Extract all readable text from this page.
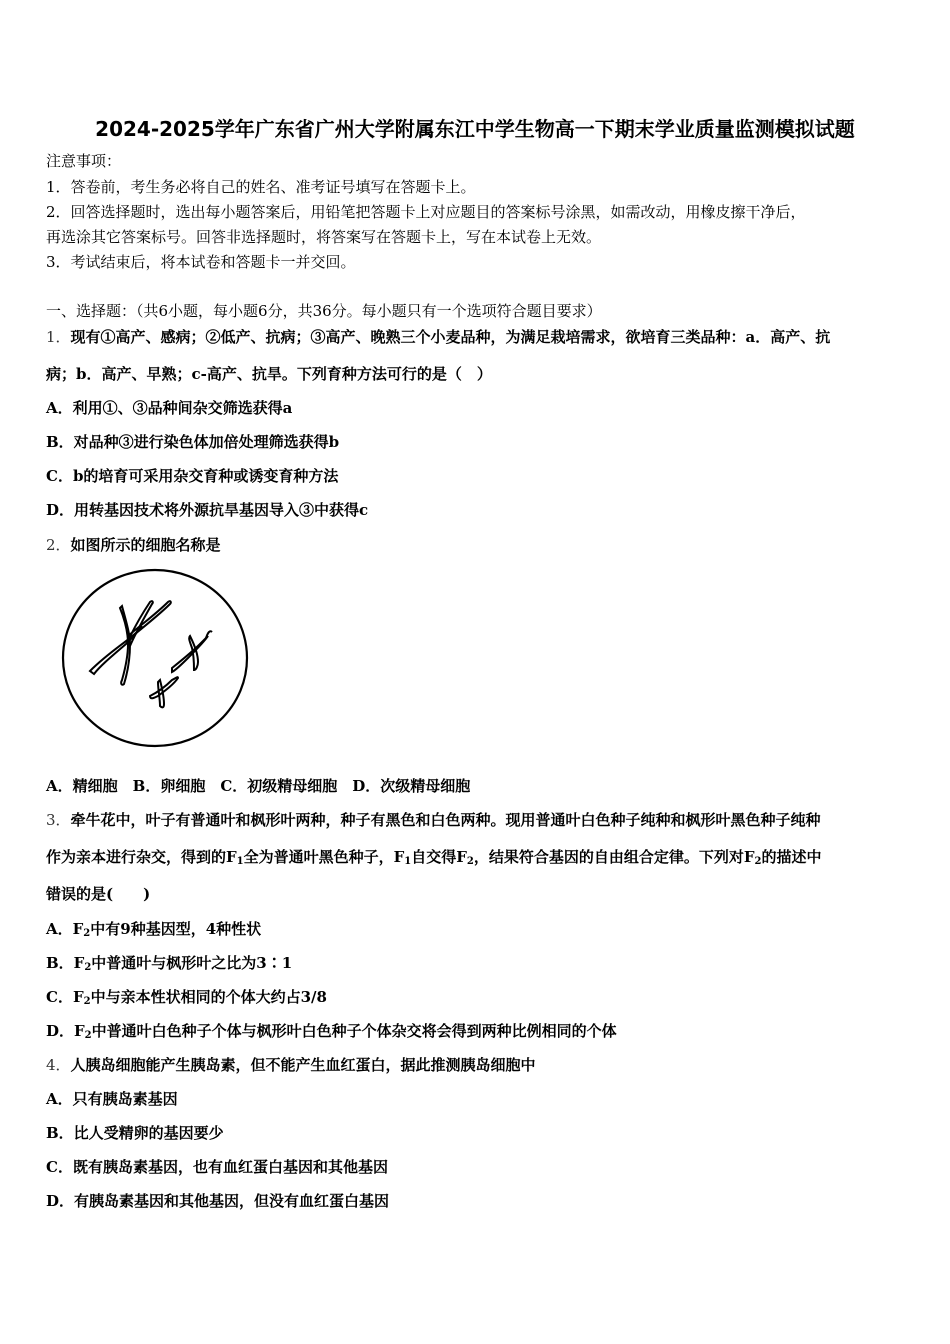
2024-2025学年广东省广州大学附属东江中学生物高一下期末学业质量监测模拟试题
注意事项：
1．答卷前，考生务必将自己的姓名、准考证号填写在答题卡上。
2．回答选择题时，选出每小题答案后，用铅笔把答题卡上对应题目的答案标号涂黑，如需改动，用橡皮擦干净后，
再选涂其它答案标号。回答非选择题时，将答案写在答题卡上，写在本试卷上无效。
3．考试结束后，将本试卷和答题卡一并交回。
一、选择题：（共6小题，每小题6分，共36分。每小题只有一个选项符合题目要求）
1．现有①高产、感病；②低产、抗病；③高产、晚熟三个小麦品种，为满足栽培需求，欲培育三类品种：a．高产、抗
病；b．高产、早熟；c-高产、抗旱。下列育种方法可行的是（　）
A．利用①、③品种间杂交筛选获得a
B．对品种③进行染色体加倍处理筛选获得b
C．b的培育可采用杂交育种或诱变育种方法
D．用转基因技术将外源抗旱基因导入③中获得c
2．如图所示的细胞名称是
A．精细胞　B．卵细胞　C．初级精母细胞　D．次级精母细胞
3．牵牛花中，叶子有普通叶和枫形叶两种，种子有黑色和白色两种。现用普通叶白色种子纯种和枫形叶黑色种子纯种
作为亲本进行杂交，得到的$F_1$全为普通叶黑色种子，$F_1$自交得$F_2$，结果符合基因的自由组合定律。下列对$F_2$的描述中
错误的是(　　)
A．$F_2$中有9种基因型，4种性状
B．$F_2$中普通叶与枫形叶之比为3∶1
C．$F_2$中与亲本性状相同的个体大约占3/8
D．$F_2$中普通叶白色种子个体与枫形叶白色种子个体杂交将会得到两种比例相同的个体
4．人胰岛细胞能产生胰岛素，但不能产生血红蛋白，据此推测胰岛细胞中
A．只有胰岛素基因
B．比人受精卵的基因要少
C．既有胰岛素基因，也有血红蛋白基因和其他基因
D．有胰岛素基因和其他基因，但没有血红蛋白基因
